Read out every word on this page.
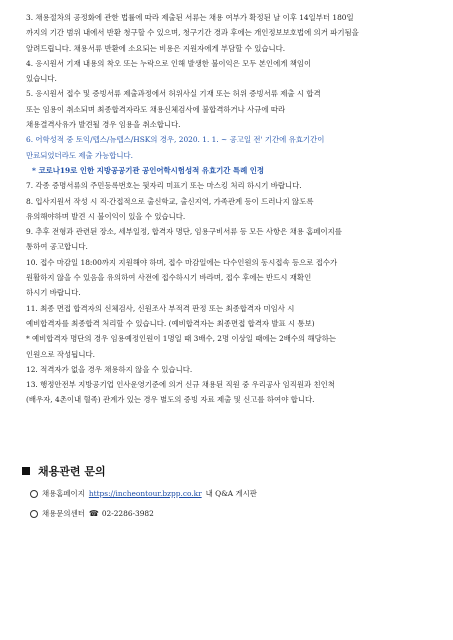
3. 채용절차의 공정화에 관한 법률에 따라 제출된 서류는 채용 여부가 확정된 날 이후 14일부터 180일
까지의 기간 범위 내에서 반환 청구할 수 있으며, 청구기간 경과 후에는 개인정보보호법에 의거 파기됨을
알려드립니다. 채용서류 반환에 소요되는 비용은 지원자에게 부담할 수 있습니다.
4. 응시원서 기재 내용의 착오 또는 누락으로 인해 발생한 불이익은 모두 본인에게 책임이
있습니다.
5. 응시원서 접수 및 증빙서류 제출과정에서 허위사실 기재 또는 허위 증빙서류 제출 시 합격
또는 임용이 취소되며 최종합격자라도 채용신체검사에 불합격하거나 사규에 따라
채용결격사유가 발견될 경우 임용을 취소합니다.
6. 어학성적 중 토익/텝스/뉴텝스/HSK의 경우, 2020. 1. 1. ~ 공고일 전' 기간에 유효기간이
만료되었더라도 제출 가능합니다.
* 코로나19로 인한 지방공공기관 공인어학시험성적 유효기간 특례 인정
7. 각종 증명서류의 주민등록번호는 뒷자리 미표기 또는 마스킹 처리 하시기 바랍니다.
8. 입사지원서 작성 시 직·간접적으로 출신학교, 출신지역, 가족관계 등이 드러나지 않도록
유의해야하며 발견 시 불이익이 있을 수 있습니다.
9. 추후 전형과 관련된 장소, 세부일정, 합격자 명단, 임용구비서류 등 모든 사항은 채용 홈페이지를
통하여 공고합니다.
10. 접수 마감일 18:00까지 지원해야 하며, 접수 마감일에는 다수인원의 동시접속 등으로 접수가
원활하지 않을 수 있음을 유의하여 사전에 접수하시기 바라며, 접수 후에는 반드시 재확인
하시기 바랍니다.
11. 최종 면접 합격자의 신체검사, 신원조사 부적격 판정 또는 최종합격자 미임사 시
예비합격자를 최종합격 처리할 수 있습니다. (예비합격자는 최종면접 합격자 발표 시 통보)
* 예비합격자 명단의 경우 임용예정인원이 1명일 때 3배수, 2명 이상일 때에는 2배수의 해당하는
인원으로 작성됩니다.
12. 적격자가 없을 경우 채용하지 않을 수 있습니다.
13. 행정안전부 지방공기업 인사운영기준에 의거 신규 채용된 직원 중 우리공사 임직원과 친인척
(배우자, 4촌이내 혈족) 관계가 있는 경우 별도의 증빙 자료 제출 및 신고를 하여야 합니다.
채용관련 문의
채용홈페이지 https://incheontour.bzpp.co.kr 내 Q&A 게시판
채용문의센터 ☎ 02-2286-3982
